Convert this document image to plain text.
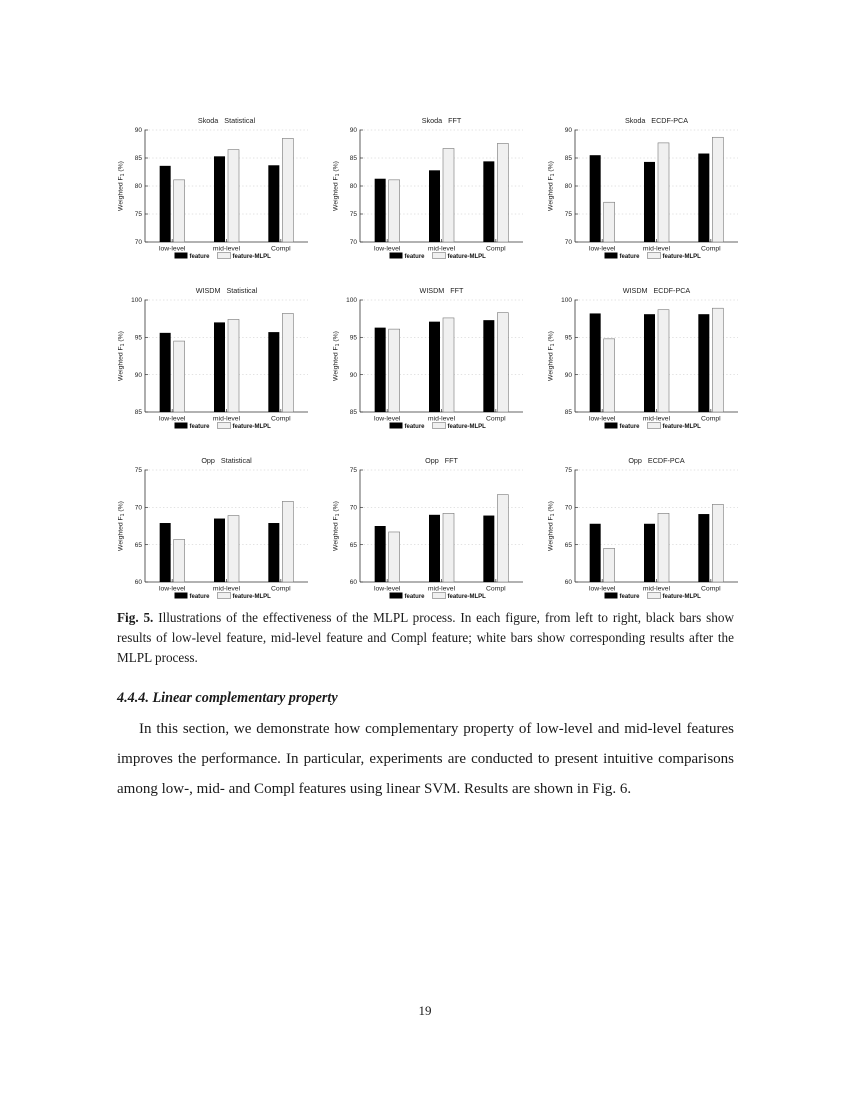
70
75
80
85
90
low-level	mid-level	Compl
Skoda   Statistical
Weighted $F_1$ (%)
feature	feature-MLPL
70
75
80
85
90
low-level	mid-level	Compl
Skoda   FFT
Weighted $F_1$ (%)
feature	feature-MLPL
70
75
80
85
90
low-level	mid-level	Compl
Skoda   ECDF-PCA
Weighted $F_1$ (%)
feature	feature-MLPL
85
90
95
100
low-level	mid-level	Compl
WISDM   Statistical
Weighted $F_1$ (%)
feature	feature-MLPL
85
90
95
100
low-level	mid-level	Compl
WISDM   FFT
Weighted $F_1$ (%)
feature	feature-MLPL
85
90
95
100
low-level	mid-level	Compl
WISDM   ECDF-PCA
Weighted $F_1$ (%)
feature	feature-MLPL
60
65
70
75
low-level	mid-level	Compl
Opp   Statistical
Weighted $F_1$ (%)
feature	feature-MLPL
60
65
70
75
low-level	mid-level	Compl
Opp   FFT
Weighted $F_1$ (%)
feature	feature-MLPL
60
65
70
75
low-level	mid-level	Compl
Opp   ECDF-PCA
Weighted $F_1$ (%)
feature	feature-MLPL

Fig. 5. Illustrations of the effectiveness of the MLPL process. In each figure, from left to right, black bars show results of low-level feature, mid-level feature and Compl feature; white bars show corresponding results after the MLPL process.

4.4.4. Linear complementary property

In this section, we demonstrate how complementary property of low-level and mid-level features improves the performance. In particular, experiments are conducted to present intuitive comparisons among low-, mid- and Compl features using linear SVM. Results are shown in Fig. 6.

19
